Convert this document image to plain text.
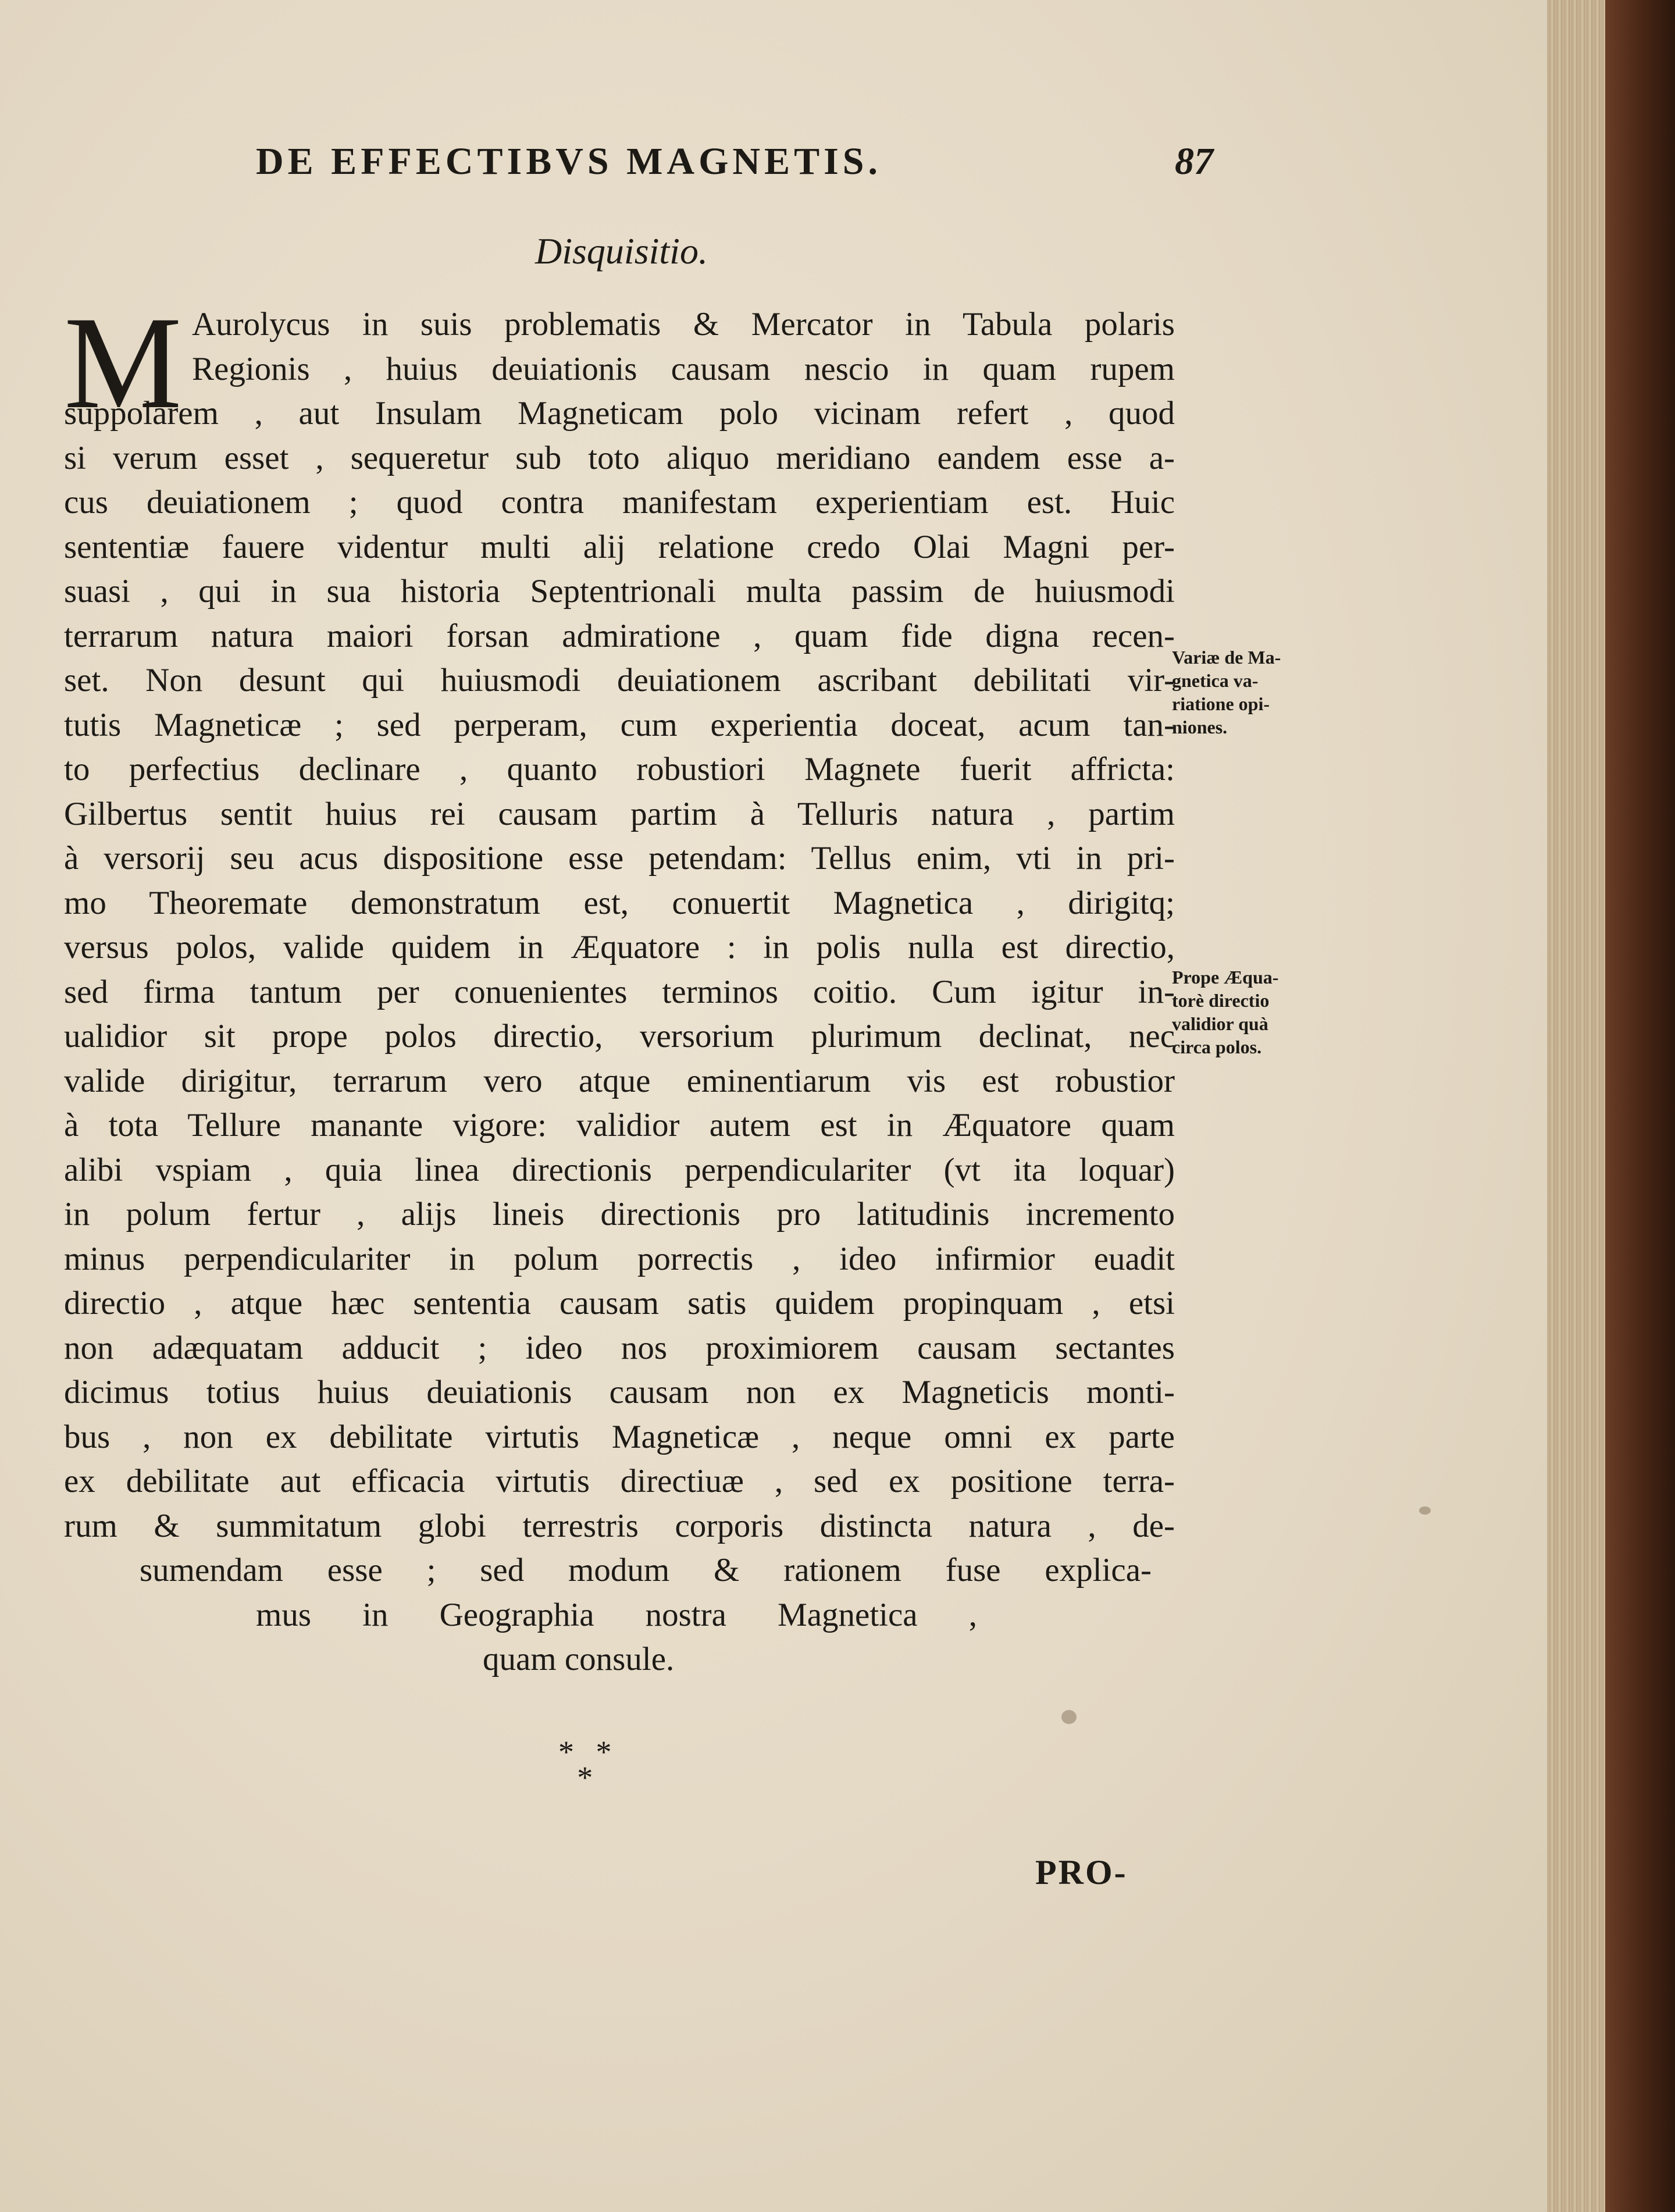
DE EFFECTIBVS MAGNETIS.	87
Disquisitio.
M Aurolycus in suis problematis & Mercator in Tabula polaris
Regionis , huius deuiationis causam nescio in quam rupem
suppolarem , aut Insulam Magneticam polo vicinam refert , quod
si verum esset , sequeretur sub toto aliquo meridiano eandem esse a-
cus deuiationem ; quod contra manifestam experientiam est. Huic
sententiæ fauere videntur multi alij relatione credo Olai Magni per-
suasi , qui in sua historia Septentrionali multa passim de huiusmodi
terrarum natura maiori forsan admiratione , quam fide digna recen-
set. Non desunt qui huiusmodi deuiationem ascribant debilitati vir-
tutis Magneticæ ; sed perperam, cum experientia doceat, acum tan-
to perfectius declinare , quanto robustiori Magnete fuerit affricta:
Gilbertus sentit huius rei causam partim à Telluris natura , partim
à versorij seu acus dispositione esse petendam: Tellus enim, vti in pri-
mo Theoremate demonstratum est, conuertit Magnetica , dirigitq;
versus polos, valide quidem in Æquatore : in polis nulla est directio,
sed firma tantum per conuenientes terminos coitio. Cum igitur in-
ualidior sit prope polos directio, versorium plurimum declinat, nec
valide dirigitur, terrarum vero atque eminentiarum vis est robustior
à tota Tellure manante vigore: validior autem est in Æquatore quam
alibi vspiam , quia linea directionis perpendiculariter (vt ita loquar)
in polum fertur , alijs lineis directionis pro latitudinis incremento
minus perpendiculariter in polum porrectis , ideo infirmior euadit
directio , atque hæc sententia causam satis quidem propinquam , etsi
non adæquatam adducit ; ideo nos proximiorem causam sectantes
dicimus totius huius deuiationis causam non ex Magneticis monti-
bus , non ex debilitate virtutis Magneticæ , neque omni ex parte
ex debilitate aut efficacia virtutis directiuæ , sed ex positione terra-
rum & summitatum globi terrestris corporis distincta natura , de-
sumendam esse ; sed modum & rationem fuse explica-
mus in Geographia nostra Magnetica ,
quam consule.
Variæ de Ma-
gnetica va-
riatione opi-
niones.
Prope Æqua-
torè directio
validior quà
circa polos.
* *
*
PRO-
